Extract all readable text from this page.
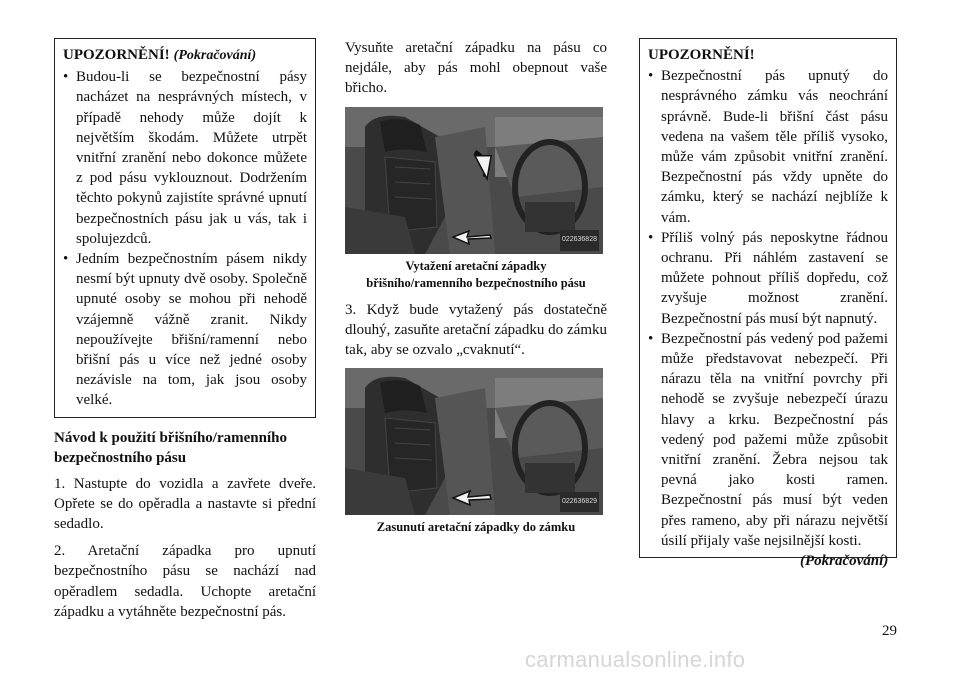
UPOZORNĚNÍ! (Pokračování)
• Budou-li se bezpečnostní pásy nacházet na nesprávných místech, v případě nehody může dojít k největším škodám. Můžete utrpět vnitřní zranění nebo dokonce můžete z pod pásu vyklouznout. Dodržením těchto pokynů zajistíte správné upnutí bezpečnostních pásu jak u vás, tak i spolujezdců.
• Jedním bezpečnostním pásem nikdy nesmí být upnuty dvě osoby. Společně upnuté osoby se mohou při nehodě vzájemně vážně zranit. Nikdy nepoužívejte břišní/ramenní nebo břišní pás u více než jedné osoby nezávisle na tom, jak jsou osoby velké.
Návod k použití břišního/ramenního bezpečnostního pásu

1. Nastupte do vozidla a zavřete dveře. Opřete se do opěradla a nastavte si přední sedadlo.

2. Aretační západka pro upnutí bezpečnostního pásu se nachází nad opěradlem sedadla. Uchopte aretační západku a vytáhněte bezpečnostní pás.

Vysuňte aretační západku na pásu co nejdále, aby pás mohl obepnout vaše břicho.

022636828
Vytažení aretační západky
břišního/ramenního bezpečnostního pásu

3. Když bude vytažený pás dostatečně dlouhý, zasuňte aretační západku do zámku tak, aby se ozvalo „cvaknutí“.

022636829
Zasunutí aretační západky do zámku
UPOZORNĚNÍ!
• Bezpečnostní pás upnutý do nesprávného zámku vás neochrání správně. Bude-li břišní část pásu vedena na vašem těle příliš vysoko, může vám způsobit vnitřní zranění. Bezpečnostní pás vždy upněte do zámku, který se nachází nejblíže k vám.
• Příliš volný pás neposkytne řádnou ochranu. Při náhlém zastavení se můžete pohnout příliš dopředu, což zvyšuje možnost zranění. Bezpečnostní pás musí být napnutý.
• Bezpečnostní pás vedený pod pažemi může představovat nebezpečí. Při nárazu těla na vnitřní povrchy při nehodě se zvyšuje nebezpečí úrazu hlavy a krku. Bezpečnostní pás vedený pod pažemi může způsobit vnitřní zranění. Žebra nejsou tak pevná jako kosti ramen. Bezpečnostní pás musí být veden přes rameno, aby při nárazu největší úsilí přijaly vaše nejsilnější kosti.
(Pokračování)
29
carmanualsonline.info
